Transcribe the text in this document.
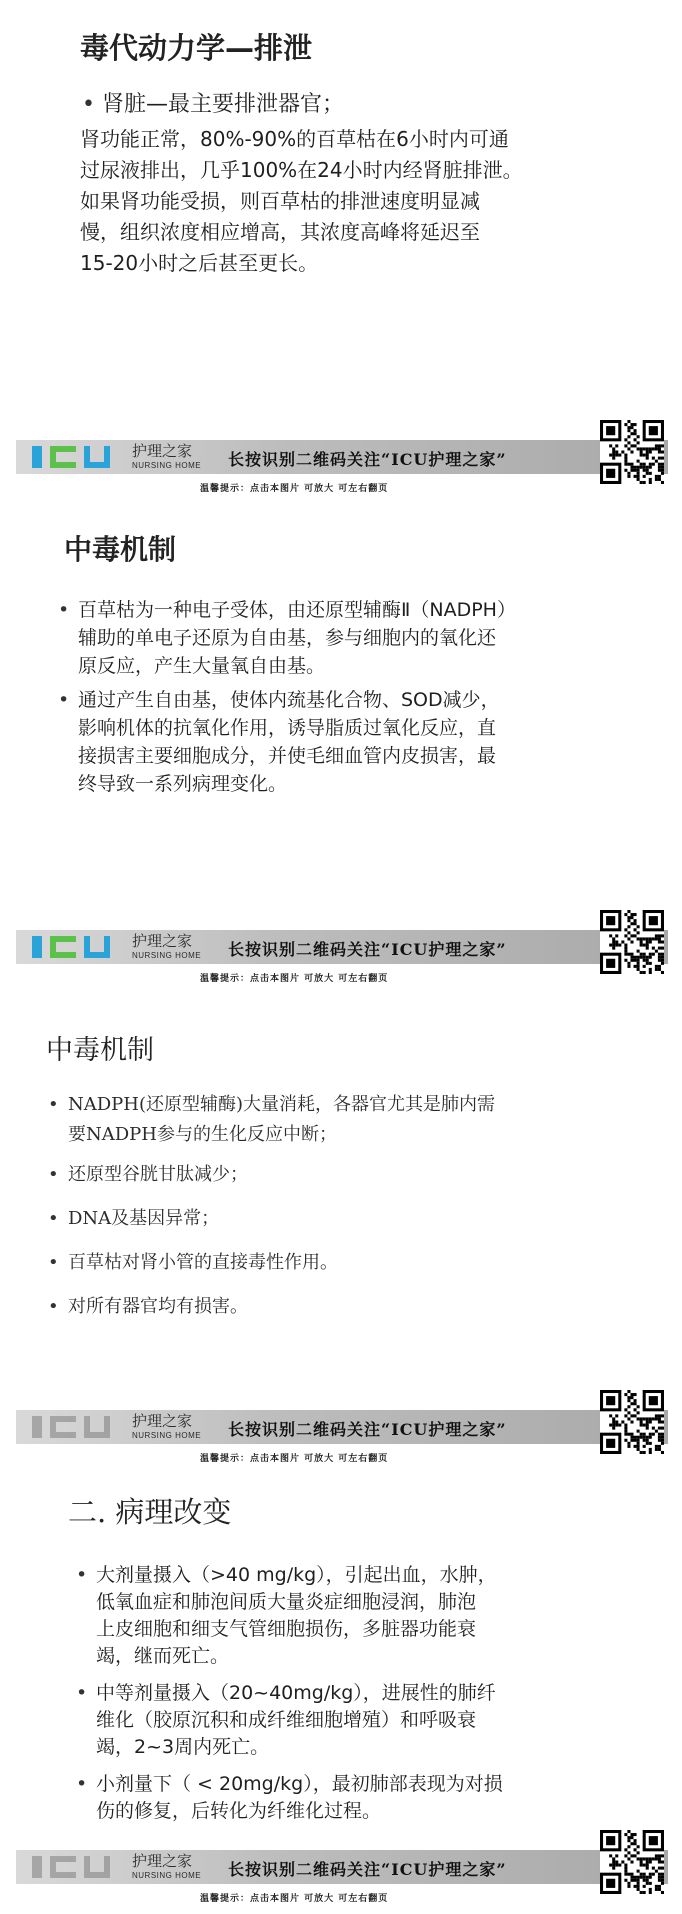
毒代动力学—排泄
• 肾脏—最主要排泄器官；
肾功能正常，80%-90%的百草枯在6小时内可通
过尿液排出，几乎100%在24小时内经肾脏排泄。
如果肾功能受损，则百草枯的排泄速度明显减
慢，组织浓度相应增高，其浓度高峰将延迟至
15-20小时之后甚至更长。
中毒机制
• 百草枯为一种电子受体，由还原型辅酶Ⅱ（NADPH）
辅助的单电子还原为自由基，参与细胞内的氧化还
原反应，产生大量氧自由基。
• 通过产生自由基，使体内巯基化合物、SOD减少，
影响机体的抗氧化作用，诱导脂质过氧化反应，直
接损害主要细胞成分，并使毛细血管内皮损害，最
终导致一系列病理变化。
中毒机制
• NADPH(还原型辅酶)大量消耗，各器官尤其是肺内需
要NADPH参与的生化反应中断；
• 还原型谷胱甘肽减少；
• DNA及基因异常；
• 百草枯对肾小管的直接毒性作用。
• 对所有器官均有损害。
二. 病理改变
• 大剂量摄入（>40 mg/kg），引起出血，水肿，
低氧血症和肺泡间质大量炎症细胞浸润，肺泡
上皮细胞和细支气管细胞损伤，多脏器功能衰
竭，继而死亡。
• 中等剂量摄入（20~40mg/kg），进展性的肺纤
维化（胶原沉积和成纤维细胞增殖）和呼吸衰
竭，2~3周内死亡。
• 小剂量下（ < 20mg/kg），最初肺部表现为对损
伤的修复，后转化为纤维化过程。
护理之家
NURSING HOME 长按识别二维码关注“ICU护理之家”
温馨提示：点击本图片 可放大 可左右翻页
护理之家
NURSING HOME 长按识别二维码关注“ICU护理之家”
温馨提示：点击本图片 可放大 可左右翻页
护理之家
NURSING HOME 长按识别二维码关注“ICU护理之家”
温馨提示：点击本图片 可放大 可左右翻页
护理之家
NURSING HOME 长按识别二维码关注“ICU护理之家”
温馨提示：点击本图片 可放大 可左右翻页
